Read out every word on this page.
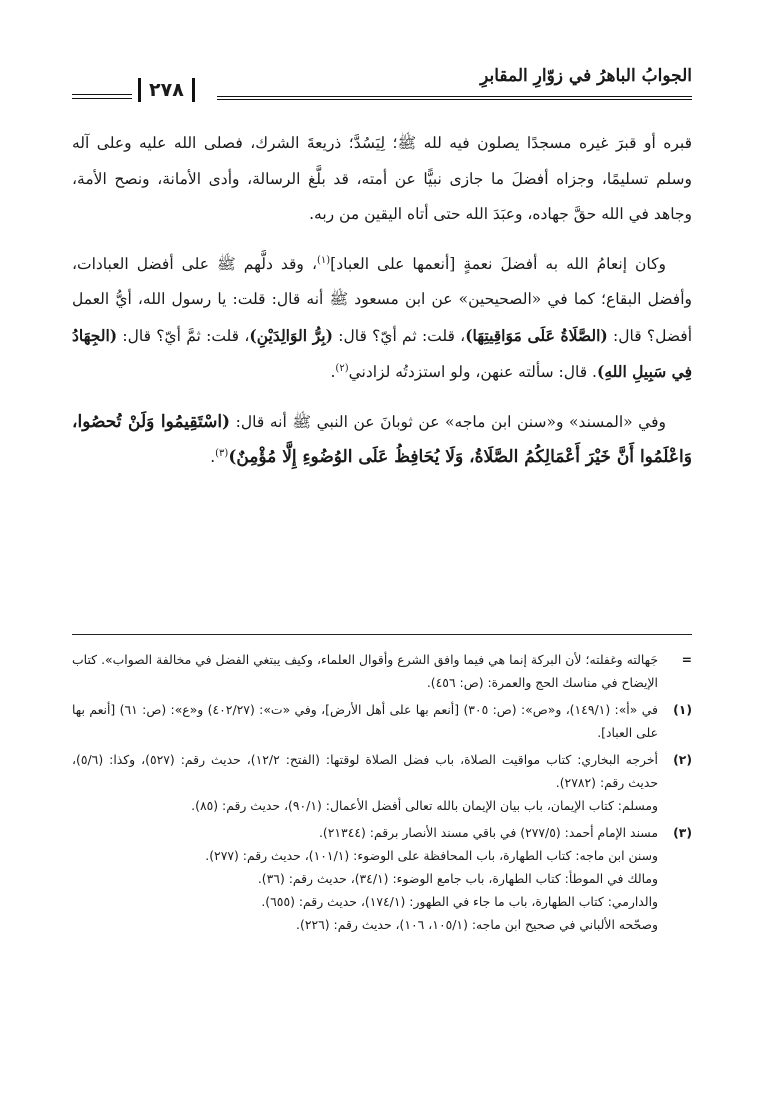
الجوابُ الباهرُ في زوّارِ المقابرِ
٢٧٨

قبره أو قبرَ غيره مسجدًا يصلون فيه لله ﷺ؛ لِيَسُدَّ؛ ذريعةَ الشرك، فصلى الله عليه وعلى آله وسلم تسليمًا، وجزاه أفضلَ ما جازى نبيًّا عن أمته، قد بلَّغ الرسالة، وأدى الأمانة، ونصح الأمة، وجاهد في الله حقَّ جهاده، وعبَدَ الله حتى أتاه اليقين من ربه.

وكان إنعامُ الله به أفضلَ نعمةٍ [أنعمها على العباد]$^{(١)}$، وقد دلَّهم ﷺ على أفضل العبادات، وأفضل البقاع؛ كما في «الصحيحين» عن ابن مسعود ﷺ أنه قال: قلت: يا رسول الله، أيُّ العمل أفضل؟ قال: (الصَّلَاةُ عَلَى مَوَاقِيتِهَا)، قلت: ثم أيّ؟ قال: (بِرُّ الوَالِدَيْنِ)، قلت: ثمَّ أيّ؟ قال: (الجِهَادُ فِي سَبِيلِ اللهِ). قال: سألته عنهن، ولو استزدتُه لزادني$^{(٢)}$.

وفي «المسند» و«سنن ابن ماجه» عن ثوبانَ عن النبي ﷺ أنه قال: (اسْتَقِيمُوا وَلَنْ تُحصُوا، وَاعْلَمُوا أَنَّ خَيْرَ أَعْمَالِكُمُ الصَّلَاةُ، وَلَا يُحَافِظُ عَلَى الوُضُوءِ إِلَّا مُؤْمِنٌ)$^{(٣)}$.

=
جَهالته وغفلته؛ لأن البركة إنما هي فيما وافق الشرع وأقوال العلماء، وكيف يبتغي الفضل في مخالفة الصواب». كتاب الإيضاح في مناسك الحج والعمرة: (ص: ٤٥٦).
(١)
في «أ»: (١٤٩/١)، و«ص»: (ص: ٣٠٥) [أنعم بها على أهل الأرض]، وفي «ت»: (٤٠٢/٢٧) و«ع»: (ص: ٦١) [أنعم بها على العباد].
(٢)
أخرجه البخاري: كتاب مواقيت الصلاة، باب فضل الصلاة لوقتها: (الفتح: ١٢/٢)، حديث رقم: (٥٢٧)، وكذا: (٥/٦)، حديث رقم: (٢٧٨٢).
ومسلم: كتاب الإيمان، باب بيان الإيمان بالله تعالى أفضل الأعمال: (٩٠/١)، حديث رقم: (٨٥).
(٣)
مسند الإمام أحمد: (٢٧٧/٥) في باقي مسند الأنصار برقم: (٢١٣٤٤).
وسنن ابن ماجه: كتاب الطهارة، باب المحافظة على الوضوء: (١٠١/١)، حديث رقم: (٢٧٧).
ومالك في الموطأ: كتاب الطهارة، باب جامع الوضوء: (٣٤/١)، حديث رقم: (٣٦).
والدارمي: كتاب الطهارة، باب ما جاء في الطهور: (١٧٤/١)، حديث رقم: (٦٥٥).
وصحّحه الألباني في صحيح ابن ماجه: (١٠٥/١، ١٠٦)، حديث رقم: (٢٢٦).
